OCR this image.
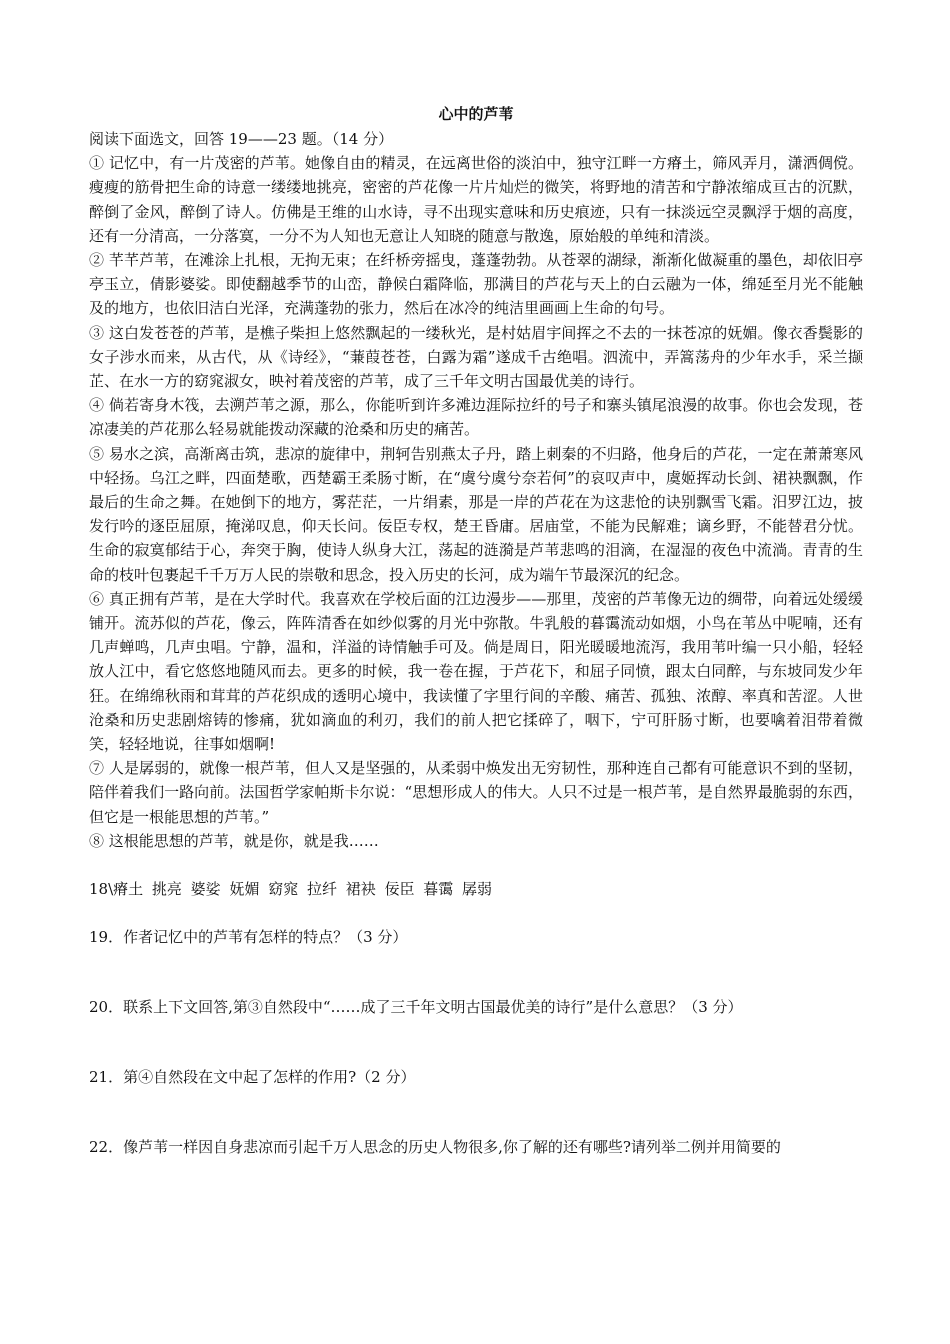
心中的芦苇

阅读下面选文，回答 19——23 题。（14 分）

① 记忆中，有一片茂密的芦苇。她像自由的精灵，在远离世俗的淡泊中，独守江畔一方瘠土，筛风弄月，潇洒倜傥。瘦瘦的筋骨把生命的诗意一缕缕地挑亮，密密的芦花像一片片灿烂的微笑，将野地的清苦和宁静浓缩成亘古的沉默，醉倒了金风，醉倒了诗人。仿佛是王维的山水诗，寻不出现实意味和历史痕迹，只有一抹淡远空灵飘浮于烟的高度，还有一分清高，一分落寞，一分不为人知也无意让人知晓的随意与散逸，原始般的单纯和清淡。

② 芊芊芦苇，在滩涂上扎根，无拘无束；在纤桥旁摇曳，蓬蓬勃勃。从苍翠的湖绿，渐渐化做凝重的墨色，却依旧亭亭玉立，倩影婆娑。即使翻越季节的山峦，静候白霜降临，那满目的芦花与天上的白云融为一体，绵延至月光不能触及的地方，也依旧洁白光泽，充满蓬勃的张力，然后在冰冷的纯洁里画画上生命的句号。

③ 这白发苍苍的芦苇，是樵子柴担上悠然飘起的一缕秋光，是村姑眉宇间挥之不去的一抹苍凉的妩媚。像衣香鬓影的女子涉水而来，从古代，从《诗经》，“蒹葭苍苍，白露为霜”遂成千古绝唱。泗流中，弄篙荡舟的少年水手，采兰撷芷、在水一方的窈窕淑女，映衬着茂密的芦苇，成了三千年文明古国最优美的诗行。

④ 倘若寄身木筏，去溯芦苇之源，那么，你能听到许多滩边涯际拉纤的号子和寨头镇尾浪漫的故事。你也会发现，苍凉凄美的芦花那么轻易就能拨动深藏的沧桑和历史的痛苦。

⑤ 易水之滨，高渐离击筑，悲凉的旋律中，荆轲告别燕太子丹，踏上刺秦的不归路，他身后的芦花，一定在萧萧寒风中轻扬。乌江之畔，四面楚歌，西楚霸王柔肠寸断，在“虞兮虞兮奈若何”的哀叹声中，虞姬挥动长剑、裙袂飘飘，作最后的生命之舞。在她倒下的地方，雾茫茫，一片绢素，那是一岸的芦花在为这悲怆的诀别飘雪飞霜。汨罗江边，披发行吟的逐臣屈原，掩涕叹息，仰天长问。佞臣专权，楚王昏庸。居庙堂，不能为民解难；谪乡野，不能替君分忧。生命的寂寞郁结于心，奔突于胸，使诗人纵身大江，荡起的涟漪是芦苇悲鸣的泪滴，在湿湿的夜色中流淌。青青的生命的枝叶包裹起千千万万人民的崇敬和思念，投入历史的长河，成为端午节最深沉的纪念。

⑥ 真正拥有芦苇，是在大学时代。我喜欢在学校后面的江边漫步——那里，茂密的芦苇像无边的绸带，向着远处缓缓铺开。流苏似的芦花，像云，阵阵清香在如纱似雾的月光中弥散。牛乳般的暮霭流动如烟，小鸟在苇丛中呢喃，还有几声蝉鸣，几声虫唱。宁静，温和，洋溢的诗情触手可及。倘是周日，阳光暖暖地流泻，我用苇叶编一只小船，轻轻放人江中，看它悠悠地随风而去。更多的时候，我一卷在握，于芦花下，和屈子同愤，跟太白同醉，与东坡同发少年狂。在绵绵秋雨和茸茸的芦花织成的透明心境中，我读懂了字里行间的辛酸、痛苦、孤独、浓醇、率真和苦涩。人世沧桑和历史悲剧熔铸的惨痛，犹如滴血的利刃，我们的前人把它揉碎了，咽下，宁可肝肠寸断，也要噙着泪带着微笑，轻轻地说，往事如烟啊!

⑦ 人是孱弱的，就像一根芦苇，但人又是坚强的，从柔弱中焕发出无穷韧性，那种连自己都有可能意识不到的坚韧，陪伴着我们一路向前。法国哲学家帕斯卡尔说：“思想形成人的伟大。人只不过是一根芦苇，是自然界最脆弱的东西，但它是一根能思想的芦苇。”

⑧ 这根能思想的芦苇，就是你，就是我……

18\瘠土 挑亮 婆娑 妩媚 窈窕 拉纤 裙袂 佞臣 暮霭 孱弱

19．作者记忆中的芦苇有怎样的特点？（3 分）

20．联系上下文回答,第③自然段中“……成了三千年文明古国最优美的诗行”是什么意思？（3 分）

21．第④自然段在文中起了怎样的作用?（2 分）

22．像芦苇一样因自身悲凉而引起千万人思念的历史人物很多,你了解的还有哪些?请列举二例并用简要的
